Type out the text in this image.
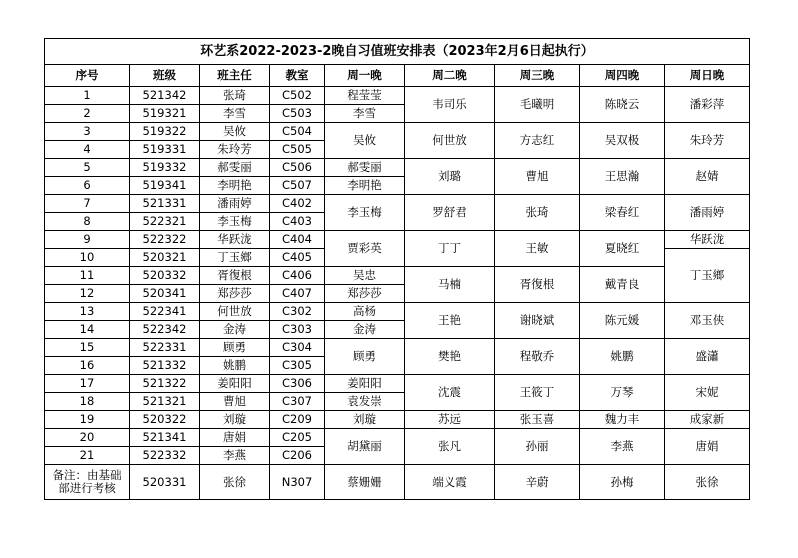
环艺系2022-2023-2晚自习值班安排表（2023年2月6日起执行）								
序号	班级	班主任	教室	周一晚	周二晚	周三晚	周四晚	周日晚
1	521342	张琦	C502	程莹莹	韦司乐	毛曦明	陈晓云	潘彩萍
2	519321	李雪	C503	李雪				
3	519322	吴攸	C504	吴攸	何世放	方志红	吴双极	朱玲芳
4	519331	朱玲芳	C505					
5	519332	郝雯丽	C506	郝雯丽	刘璐	曹旭	王思瀚	赵婧
6	519341	李明艳	C507	李明艳				
7	521331	潘雨婷	C402	李玉梅	罗舒君	张琦	梁春红	潘雨婷
8	522321	李玉梅	C403					
9	522322	华跃泷	C404	贾彩英	丁丁	王敏	夏晓红	华跃泷
10	520321	丁玉鄉	C405					丁玉鄉
11	520332	胥復根	C406	吴忠	马楠	胥復根	戴青良	
12	520341	郑莎莎	C407	郑莎莎				
13	522341	何世放	C302	高杨	王艳	谢晓斌	陈元媛	邓玉侠
14	522342	金涛	C303	金涛				
15	522331	顾勇	C304	顾勇	樊艳	程敬乔	姚鹏	盛瀟
16	521332	姚鹏	C305					
17	521322	姜阳阳	C306	姜阳阳	沈震	王筱丁	万琴	宋妮
18	521321	曹旭	C307	袁发崇				
19	520322	刘璇	C209	刘璇	苏远	张玉喜	魏力丰	成家新
20	521341	唐娟	C205	胡黛丽	张凡	孙丽	李燕	唐娟
21	522332	李燕	C206					

备注：由基础
部进行考核	520331	张徐	N307	蔡姗姗	端义霞	辛蔚	孙梅	张徐
